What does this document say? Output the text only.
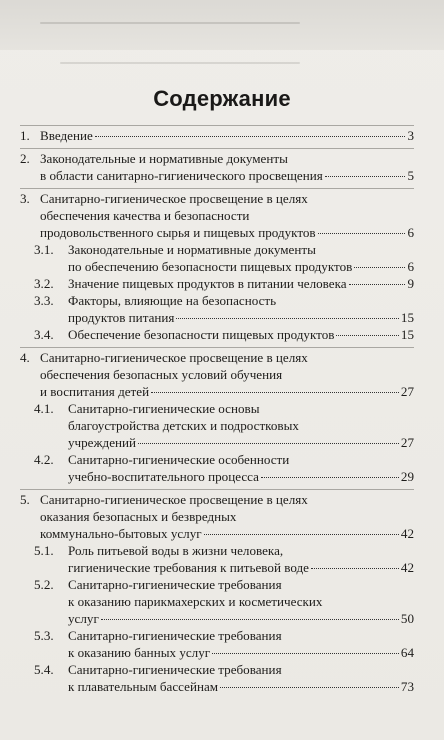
Содержание
1. Введение	3
2. Законодательные и нормативные документы
в области санитарно-гигиенического просвещения	5
3. Санитарно-гигиеническое просвещение в целях
обеспечения качества и безопасности
продовольственного сырья и пищевых продуктов	6
3.1.	Законодательные и нормативные документы
по обеспечению безопасности пищевых продуктов	6
3.2.	Значение пищевых продуктов в питании человека	9
3.3.	Факторы, влияющие на безопасность
продуктов питания	15
3.4.	Обеспечение безопасности пищевых продуктов	15
4. Санитарно-гигиеническое просвещение в целях
обеспечения безопасных условий обучения
и воспитания детей	27
4.1.	Санитарно-гигиенические основы
благоустройства детских и подростковых
учреждений	27
4.2.	Санитарно-гигиенические особенности
учебно-воспитательного процесса	29
5. Санитарно-гигиеническое просвещение в целях
оказания безопасных и безвредных
коммунально-бытовых услуг	42
5.1.	Роль питьевой воды в жизни человека,
гигиенические требования к питьевой воде	42
5.2.	Санитарно-гигиенические требования
к оказанию парикмахерских и косметических
услуг	50
5.3.	Санитарно-гигиенические требования
к оказанию банных услуг	64
5.4.	Санитарно-гигиенические требования
к плавательным бассейнам	73
